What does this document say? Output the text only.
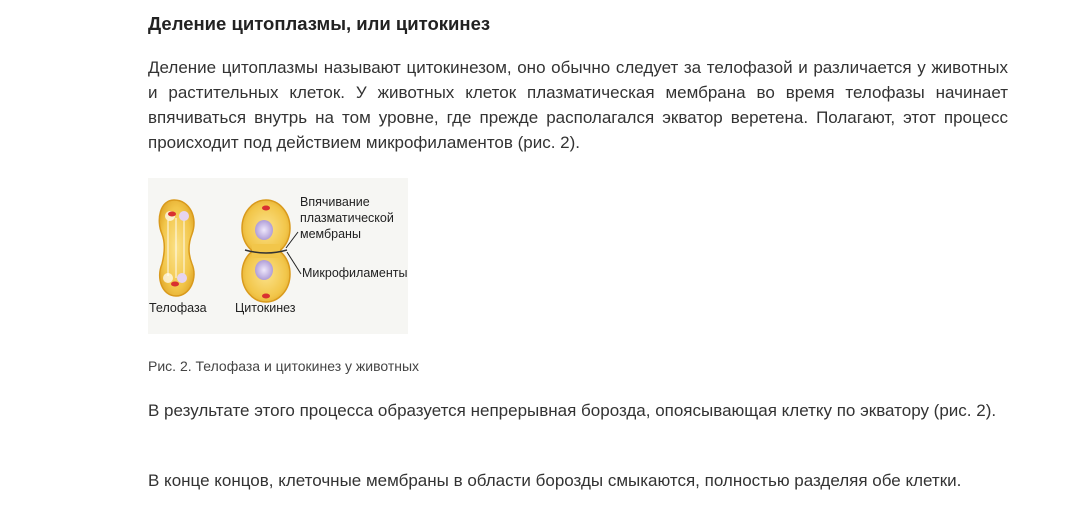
Деление цитоплазмы, или цитокинез

Деление цитоплазмы называют цитокинезом, оно обычно следует за телофазой и различается у животных и растительных клеток. У животных клеток плазматическая мембрана во время телофазы начинает впячиваться внутрь на том уровне, где прежде располагался экватор веретена. Полагают, этот процесс происходит под действием микрофиламентов (рис. 2).

Впячивание
плазматической
мембраны
Микрофиламенты
Телофаза Цитокинез
Рис. 2. Телофаза и цитокинез у животных

В результате этого процесса образуется непрерывная борозда, опоясывающая клетку по экватору (рис. 2).

В конце концов, клеточные мембраны в области борозды смыкаются, полностью разделяя обе клетки.
